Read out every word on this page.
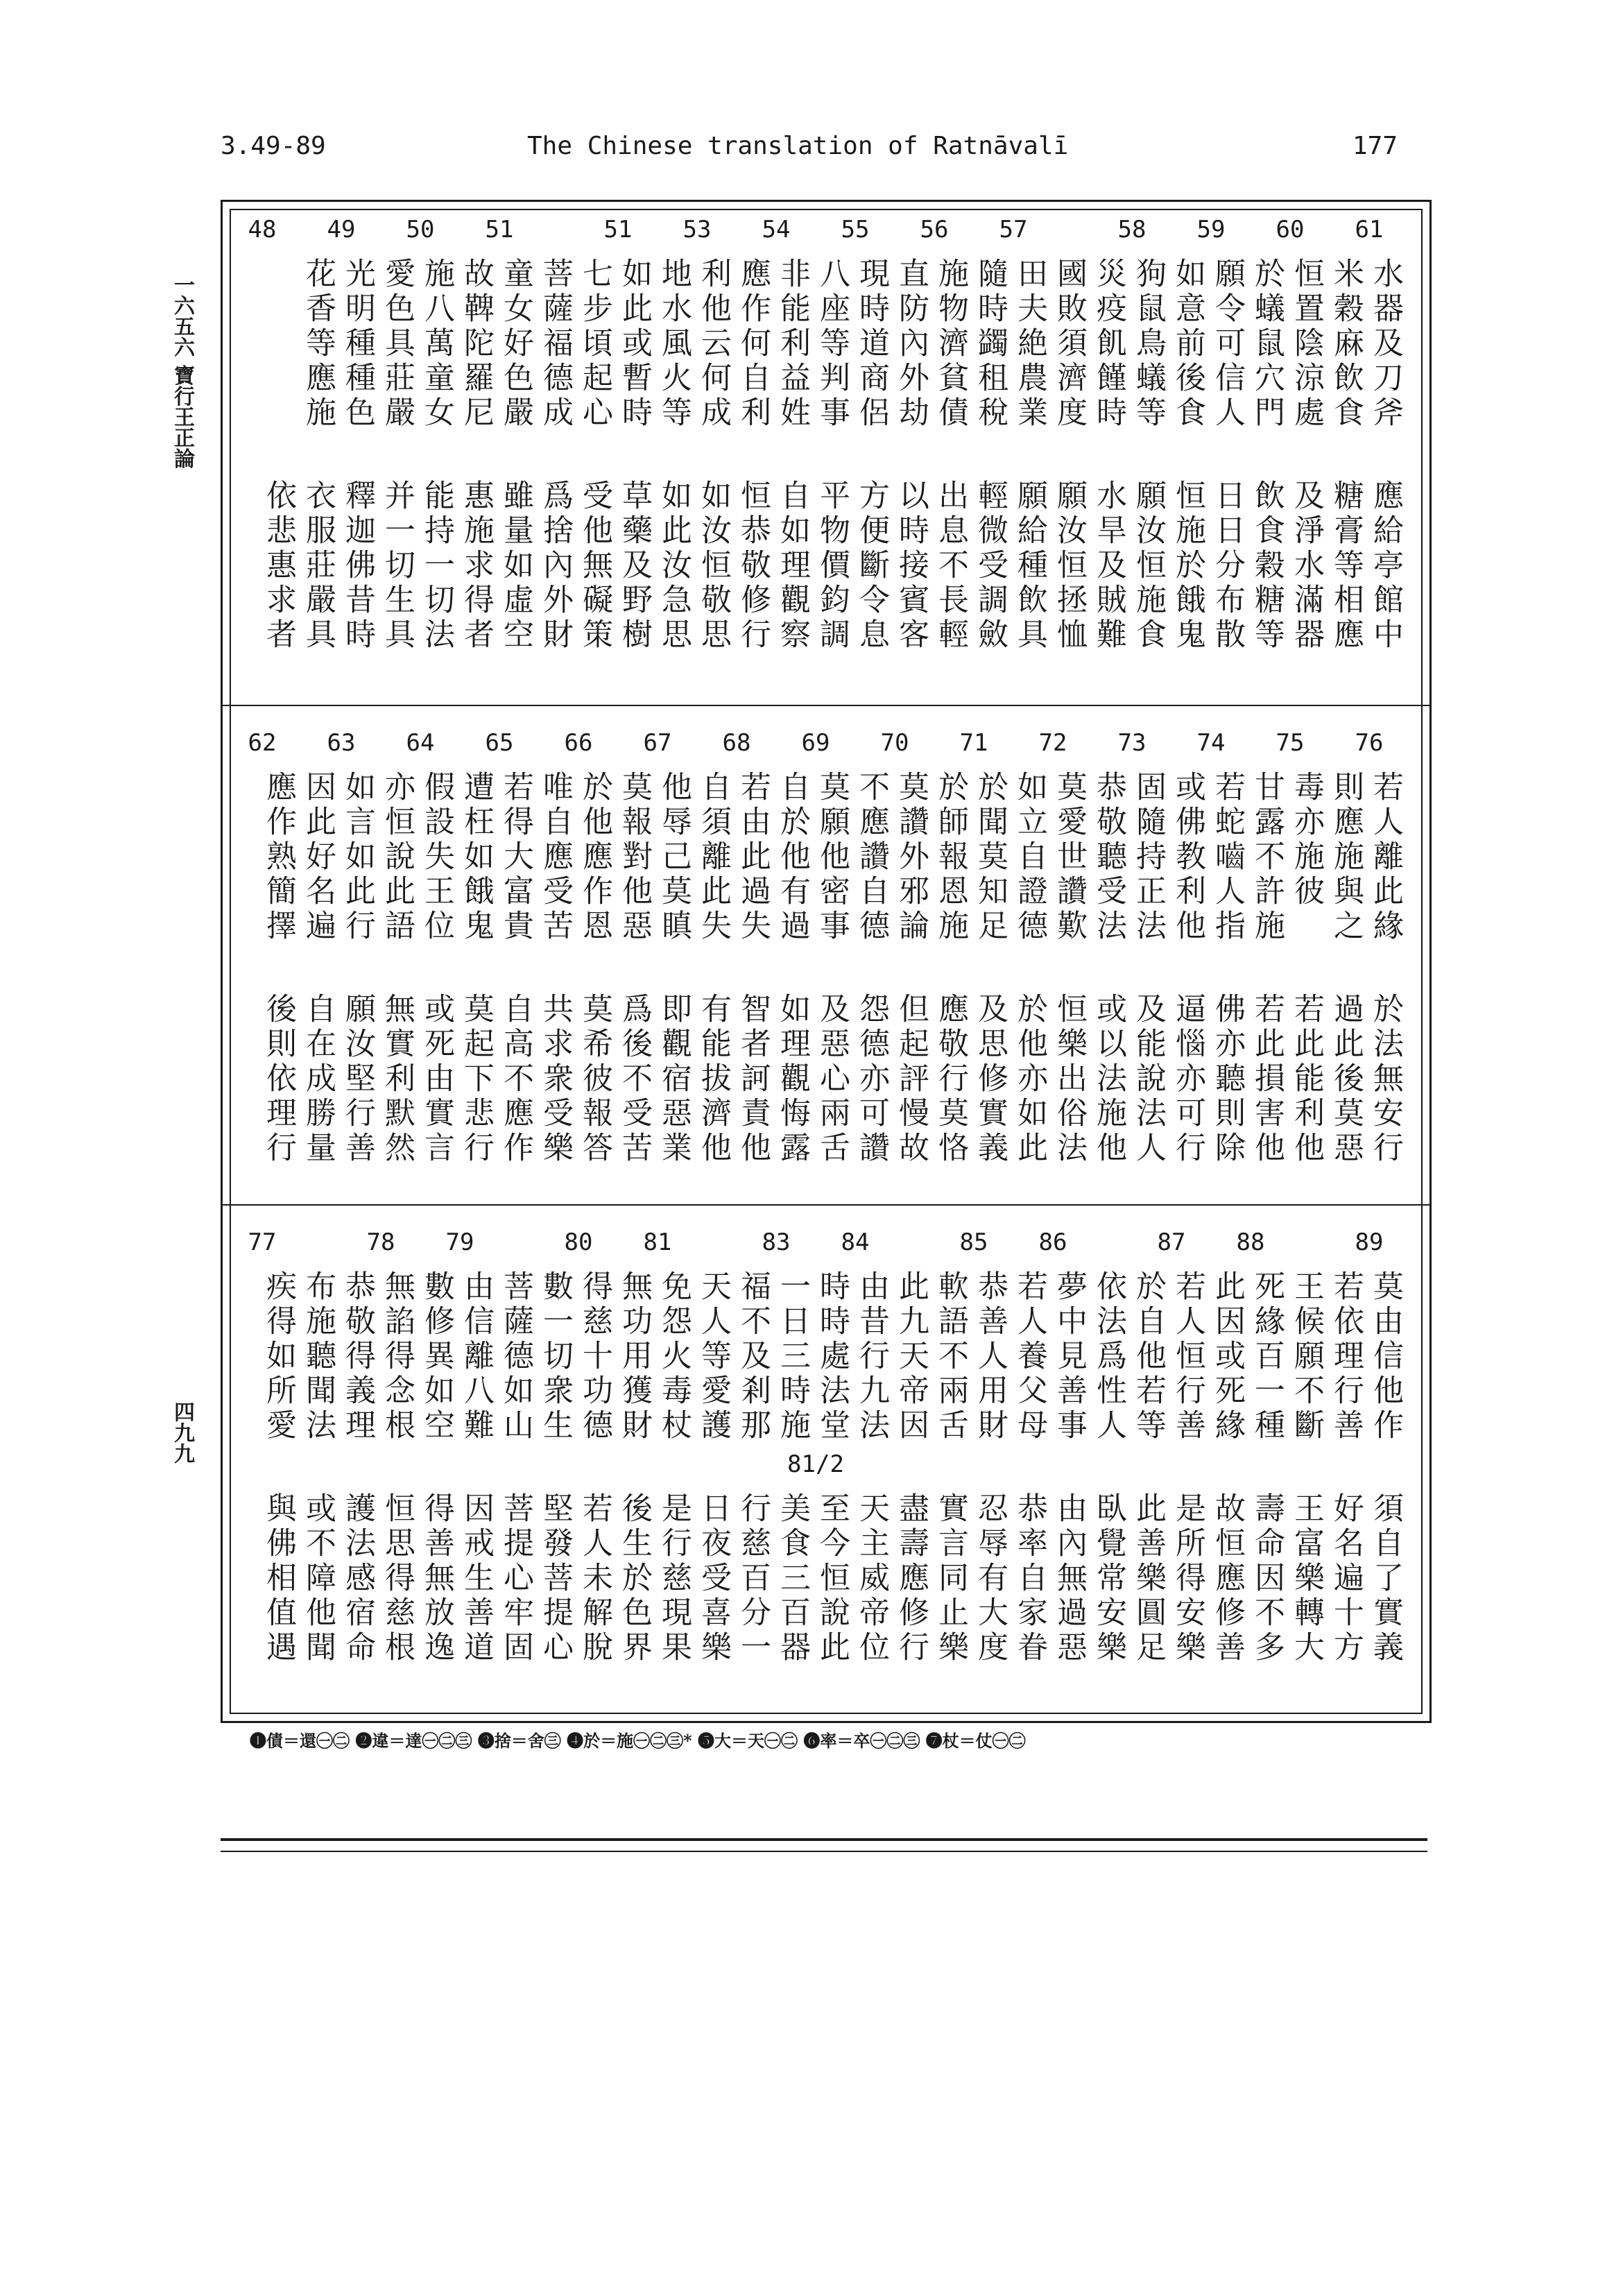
3.49-89	The Chinese translation of Ratnāvalī	177
一六五六 寶行王正論
四九九
61
60
59
58
57
56
55
54
53
51
51
50
49
48
水器及刀斧
米穀麻飲食
恒置陰涼處
於蟻鼠穴門
願令可信人
如意前後食
狗鼠鳥蟻等
災疫飢饉時
國敗須濟度
田夫絶農業
隨時蠲租稅
施物濟貧債
直防內外劫
現時道商侶
八座等判事
非能利益姓
應作何自利
利他云何成
地水風火等
如此或暫時
七步頃起心
菩薩福德成
童女好色嚴
故鞞陀羅尼
施八萬童女
愛色具莊嚴
光明種種色
花香等應施
應給亭館中
糖膏等相應
及淨水滿器
飲食穀糖等
日日分布散
恒施於餓鬼
願汝恒施食
水旱及賊難
願汝恒拯恤
願給種飲具
輕微受調斂
出息不長輕
以時接賓客
方便斷令息
平物價鈞調
自如理觀察
恒恭敬修行
如汝恒敬思
如此汝急思
草藥及野樹
受他無礙策
爲捨內外財
雖量如虛空
惠施求得者
能持一切法
并一切生具
釋迦佛昔時
衣服莊嚴具
依悲惠求者
76
75
74
73
72
71
70
69
68
67
66
65
64
63
62
若人離此緣
則應施與之
毒亦施彼
甘露不許施
若蛇嚙人指
或佛教利他
固隨持正法
恭敬聽受法
莫愛世讚歎
如立自證德
於聞莫知足
於師報恩施
莫讚外邪論
不應讚自德
莫願他密事
自於他有過
若由此過失
自須離此失
他辱己莫瞋
莫報對他惡
於他應作恩
唯自應受苦
若得大富貴
遭枉如餓鬼
假設失王位
亦恒說此語
如言如此行
因此好名遍
應作熟簡擇
於法無安行
過此後莫惡
若此能利他
若此損害他
佛亦聽則除
逼惱亦可行
及能說法人
或以法施他
恒樂出俗法
於他亦如此
及思修實義
應敬行莫恪
但起評慢故
怨德亦可讚
及惡心兩舌
如理觀悔露
智者訶責他
有能拔濟他
即觀宿惡業
爲後不受苦
莫希彼報答
共求衆受樂
自高不應作
莫起下悲行
或死由實言
無實利默然
願汝堅行善
自在成勝量
後則依理行
89
88
87
86
85
84
83
81
80
79
78
77
莫由信他作
若依理行善
王候願不斷
死緣百一種
此因或死緣
若人恒行善
於自他若等
依法爲性人
夢中見善事
若人養父母
恭善人用財
軟語不兩舌
此九天帝因
由昔行九法
時時處法堂
一日三時施
福不及剎那
天人等愛護
免怨火毒杖
無功用獲財
得慈十功德
數一切衆生
菩薩德如山
由信離八難
數修異如空
無諂得念根
恭敬得義理
布施聽聞法
疾得如所愛
須自了實義
好名遍十方
王富樂轉大
壽命因不多
故恒應修善
是所得安樂
此善樂圓足
臥覺常安樂
由內無過惡
恭率自家眷
忍辱有大度
實言同止樂
盡壽應修行
天主威帝位
至今恒說此
美食三百器
行慈百分一
日夜受喜樂
是行慈現果
後生於色界
若人未解脫
堅發菩提心
菩提心牢固
因戒生善道
得善無放逸
恒思得慈根
護法感宿命
或不障他聞
與佛相值遇
81/2
❶債＝還㊀㊁ ❷違＝達㊀㊁㊂ ❸捨＝舍㊂ ❹於＝施㊀㊁㊂* ❺大＝天㊀㊁ ❻率＝卒㊀㊁㊂ ❼杖＝仗㊀㊁
